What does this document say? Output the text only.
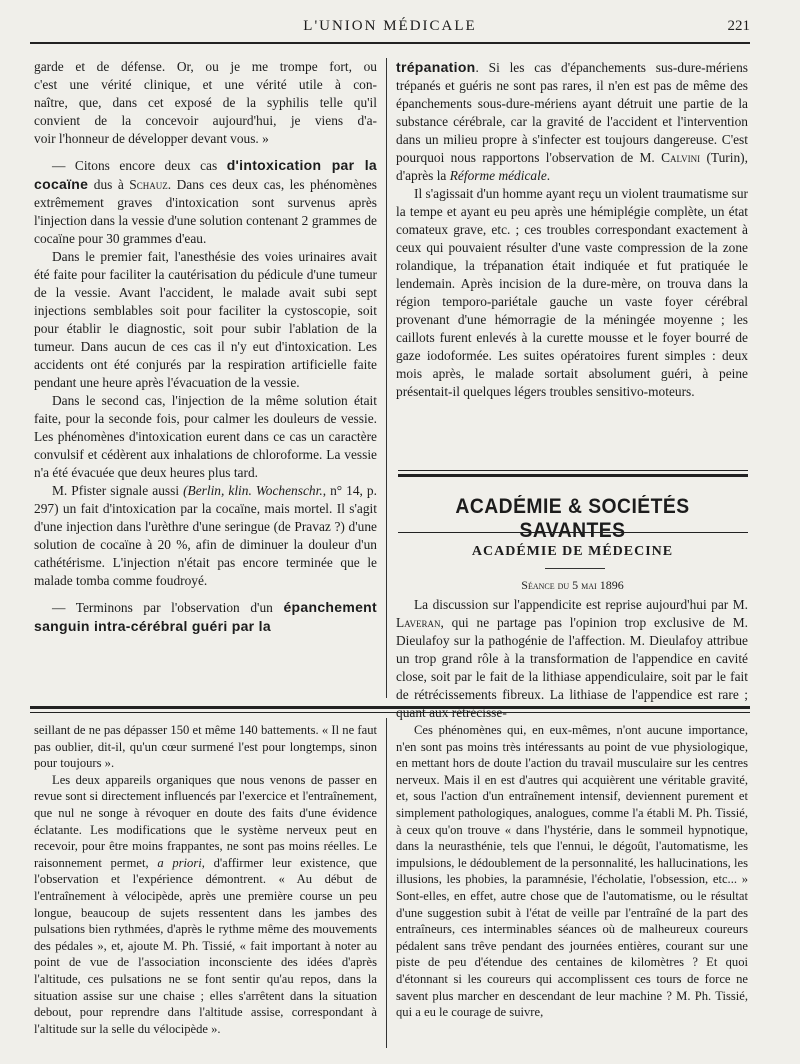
L'UNION MÉDICALE	221

garde et de défense. Or, ou je me trompe fort, ou
c'est une vérité clinique, et une vérité utile à con-
naître, que, dans cet exposé de la syphilis telle qu'il
convient de la concevoir aujourd'hui, je viens d'a-
voir l'honneur de développer devant vous. »

— Citons encore deux cas d'intoxication par la cocaïne dus à Schauz. Dans ces deux cas, les phénomènes extrêmement graves d'intoxication sont survenus après l'injection dans la vessie d'une solution contenant 2 grammes de cocaïne pour 30 grammes d'eau.

Dans le premier fait, l'anesthésie des voies urinaires avait été faite pour faciliter la cautérisation du pédicule d'une tumeur de la vessie. Avant l'accident, le malade avait subi sept injections semblables soit pour faciliter la cystoscopie, soit pour établir le diagnostic, soit pour subir l'ablation de la tumeur. Dans aucun de ces cas il n'y eut d'intoxication. Les accidents ont été conjurés par la respiration artificielle faite pendant une heure après l'évacuation de la vessie.

Dans le second cas, l'injection de la même solution était faite, pour la seconde fois, pour calmer les douleurs de vessie. Les phénomènes d'intoxication eurent dans ce cas un caractère convulsif et cédèrent aux inhalations de chloroforme. La vessie n'a été évacuée que deux heures plus tard.

M. Pfister signale aussi (Berlin, klin. Wochenschr., n° 14, p. 297) un fait d'intoxication par la cocaïne, mais mortel. Il s'agit d'une injection dans l'urèthre d'une seringue (de Pravaz ?) d'une solution de cocaïne à 20 %, afin de diminuer la douleur d'un cathétérisme. L'injection n'était pas encore terminée que le malade tomba comme foudroyé.

— Terminons par l'observation d'un épanchement sanguin intra-cérébral guéri par la

trépanation. Si les cas d'épanchements sus-dure-mériens trépanés et guéris ne sont pas rares, il n'en est pas de même des épanchements sous-dure-mériens ayant détruit une partie de la substance cérébrale, car la gravité de l'accident et l'intervention dans un milieu propre à s'infecter est toujours dangereuse. C'est pourquoi nous rapportons l'observation de M. Calvini (Turin), d'après la Réforme médicale.

Il s'agissait d'un homme ayant reçu un violent traumatisme sur la tempe et ayant eu peu après une hémiplégie complète, un état comateux grave, etc. ; ces troubles correspondant exactement à ceux qui pouvaient résulter d'une vaste compression de la zone rolandique, la trépanation était indiquée et fut pratiquée le lendemain. Après incision de la dure-mère, on trouva dans la région temporo-pariétale gauche un vaste foyer cérébral provenant d'une hémorragie de la méningée moyenne ; les caillots furent enlevés à la curette mousse et le foyer bourré de gaze iodoformée. Les suites opératoires furent simples : deux mois après, le malade sortait absolument guéri, à peine présentait-il quelques légers troubles sensitivo-moteurs.

ACADÉMIE & SOCIÉTÉS SAVANTES
ACADÉMIE DE MÉDECINE
Séance du 5 mai 1896

La discussion sur l'appendicite est reprise aujourd'hui par M. Laveran, qui ne partage pas l'opinion trop exclusive de M. Dieulafoy sur la pathogénie de l'affection. M. Dieulafoy attribue un trop grand rôle à la transformation de l'appendice en cavité close, soit par le fait de la lithiase appendiculaire, soit par le fait de rétrécissements fibreux. La lithiase de l'appendice est rare ; quant aux rétrécisse-

seillant de ne pas dépasser 150 et même 140 battements. « Il ne faut pas oublier, dit-il, qu'un cœur surmené l'est pour longtemps, sinon pour toujours ».

Les deux appareils organiques que nous venons de passer en revue sont si directement influencés par l'exercice et l'entraînement, que nul ne songe à révoquer en doute des faits d'une évidence éclatante. Les modifications que le système nerveux peut en recevoir, pour être moins frappantes, ne sont pas moins réelles. Le raisonnement permet, a priori, d'affirmer leur existence, que l'observation et l'expérience démontrent. « Au début de l'entraînement à vélocipède, après une première course un peu longue, beaucoup de sujets ressentent dans les jambes des pulsations bien rythmées, d'après le rythme même des mouvements des pédales », et, ajoute M. Ph. Tissié, « fait important à noter au point de vue de l'association inconsciente des idées d'après l'altitude, ces pulsations ne se font sentir qu'au repos, dans la situation assise sur une chaise ; elles s'arrêtent dans la situation debout, pour reprendre dans l'altitude assise, correspondant à l'altitude sur la selle du vélocipède ».

Ces phénomènes qui, en eux-mêmes, n'ont aucune importance, n'en sont pas moins très intéressants au point de vue physiologique, en mettant hors de doute l'action du travail musculaire sur les centres nerveux. Mais il en est d'autres qui acquièrent une véritable gravité, et, sous l'action d'un entraînement intensif, deviennent purement et simplement pathologiques, analogues, comme l'a établi M. Ph. Tissié, à ceux qu'on trouve « dans l'hystérie, dans le sommeil hypnotique, dans la neurasthénie, tels que l'ennui, le dégoût, l'automatisme, les impulsions, le dédoublement de la personnalité, les hallucinations, les illusions, les phobies, la paramnésie, l'écholatie, l'obsession, etc... » Sont-elles, en effet, autre chose que de l'automatisme, ou le résultat d'une suggestion subit à l'état de veille par l'entraîné de la part des entraîneurs, ces interminables séances où de malheureux coureurs pédalent sans trêve pendant des journées entières, courant sur une piste de peu d'étendue des centaines de kilomètres ? Et quoi d'étonnant si les coureurs qui accomplissent ces tours de force ne savent plus marcher en descendant de leur machine ? M. Ph. Tissié, qui a eu le courage de suivre,
